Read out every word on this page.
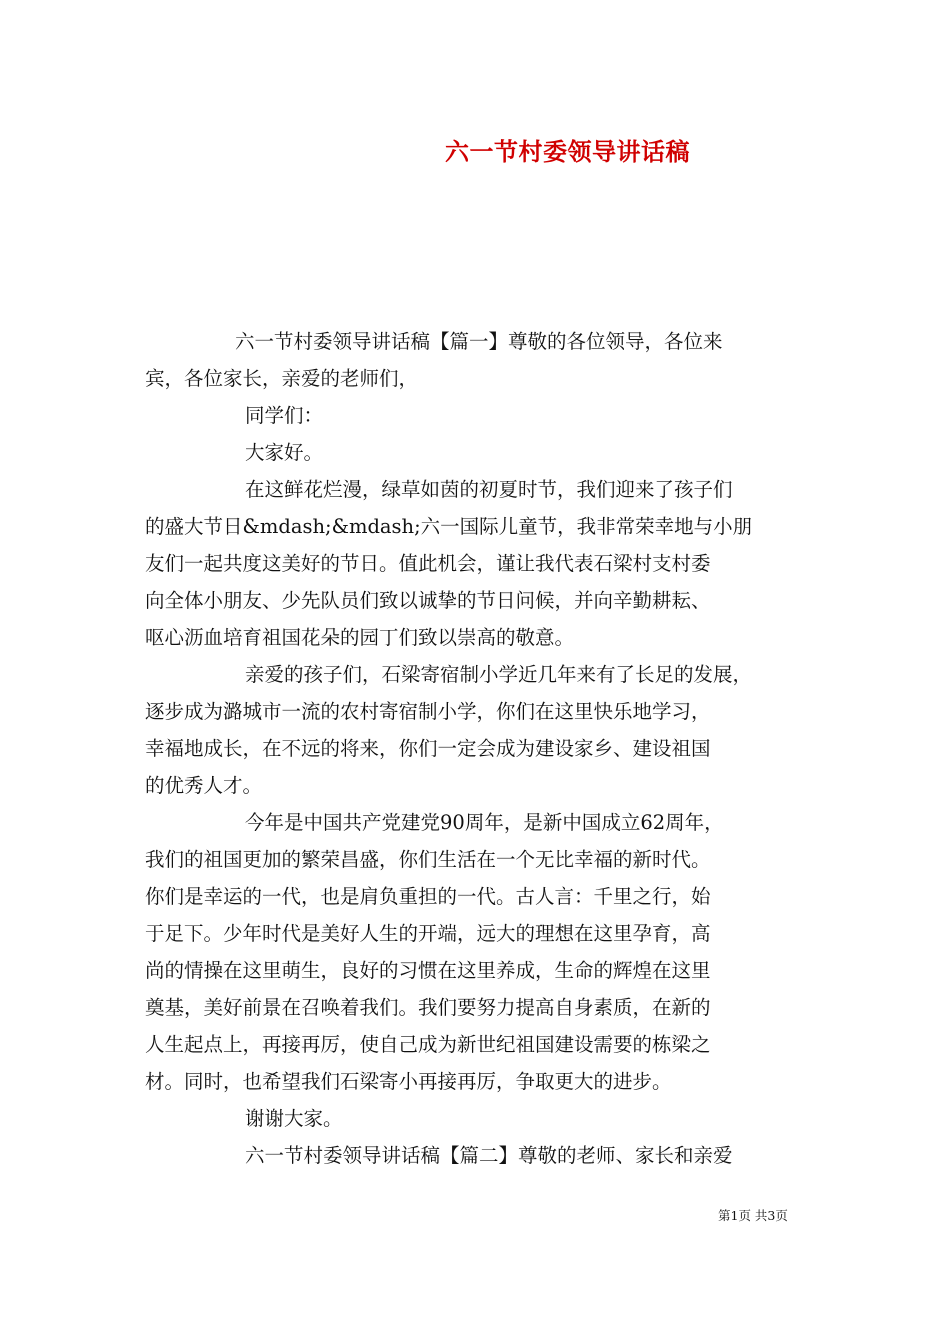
六一节村委领导讲话稿
六一节村委领导讲话稿【篇一】尊敬的各位领导，各位来
宾，各位家长，亲爱的老师们，
同学们：
大家好。
在这鲜花烂漫，绿草如茵的初夏时节，我们迎来了孩子们
的盛大节日&mdash;&mdash;六一国际儿童节，我非常荣幸地与小朋
友们一起共度这美好的节日。值此机会，谨让我代表石梁村支村委
向全体小朋友、少先队员们致以诚挚的节日问候，并向辛勤耕耘、
呕心沥血培育祖国花朵的园丁们致以崇高的敬意。
亲爱的孩子们，石梁寄宿制小学近几年来有了长足的发展，
逐步成为潞城市一流的农村寄宿制小学，你们在这里快乐地学习，
幸福地成长，在不远的将来，你们一定会成为建设家乡、建设祖国
的优秀人才。
今年是中国共产党建党90周年，是新中国成立62周年，
我们的祖国更加的繁荣昌盛，你们生活在一个无比幸福的新时代。
你们是幸运的一代，也是肩负重担的一代。古人言：千里之行，始
于足下。少年时代是美好人生的开端，远大的理想在这里孕育，高
尚的情操在这里萌生，良好的习惯在这里养成，生命的辉煌在这里
奠基，美好前景在召唤着我们。我们要努力提高自身素质，在新的
人生起点上，再接再厉，使自己成为新世纪祖国建设需要的栋梁之
材。同时，也希望我们石梁寄小再接再厉，争取更大的进步。
谢谢大家。
六一节村委领导讲话稿【篇二】尊敬的老师、家长和亲爱
第1页 共3页
